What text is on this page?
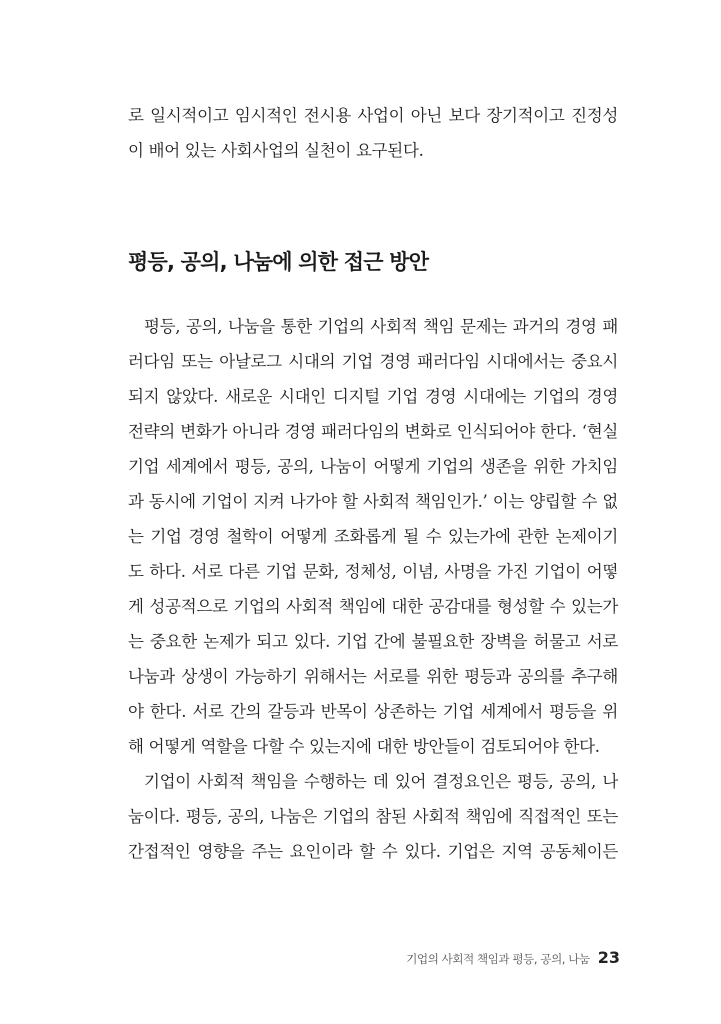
로 일시적이고 임시적인 전시용 사업이 아닌 보다 장기적이고 진정성
이 배어 있는 사회사업의 실천이 요구된다.
평등, 공의, 나눔에 의한 접근 방안
평등, 공의, 나눔을 통한 기업의 사회적 책임 문제는 과거의 경영 패
러다임 또는 아날로그 시대의 기업 경영 패러다임 시대에서는 중요시
되지 않았다. 새로운 시대인 디지털 기업 경영 시대에는 기업의 경영
전략의 변화가 아니라 경영 패러다임의 변화로 인식되어야 한다. ‘현실
기업 세계에서 평등, 공의, 나눔이 어떻게 기업의 생존을 위한 가치임
과 동시에 기업이 지켜 나가야 할 사회적 책임인가.’ 이는 양립할 수 없
는 기업 경영 철학이 어떻게 조화롭게 될 수 있는가에 관한 논제이기
도 하다. 서로 다른 기업 문화, 정체성, 이념, 사명을 가진 기업이 어떻
게 성공적으로 기업의 사회적 책임에 대한 공감대를 형성할 수 있는가
는 중요한 논제가 되고 있다. 기업 간에 불필요한 장벽을 허물고 서로
나눔과 상생이 가능하기 위해서는 서로를 위한 평등과 공의를 추구해
야 한다. 서로 간의 갈등과 반목이 상존하는 기업 세계에서 평등을 위
해 어떻게 역할을 다할 수 있는지에 대한 방안들이 검토되어야 한다.
기업이 사회적 책임을 수행하는 데 있어 결정요인은 평등, 공의, 나
눔이다. 평등, 공의, 나눔은 기업의 참된 사회적 책임에 직접적인 또는
간접적인 영향을 주는 요인이라 할 수 있다. 기업은 지역 공동체이든
기업의 사회적 책임과 평등, 공의, 나눔 23
